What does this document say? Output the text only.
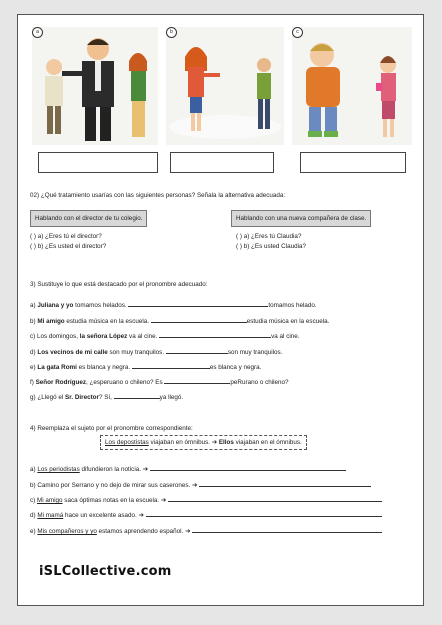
a	b	c
02) ¿Qué tratamiento usarías con las siguientes personas? Señala la alternativa adecuada:
Hablando con el director de tu colegio.	Hablando con una nueva compañera de clase.
( ) a) ¿Eres tú el director?
( ) b) ¿Es usted el director?
( ) a) ¿Eres tú Claudia?
( ) b) ¿Es usted Claudia?
3) Sustituye lo que está destacado por el pronombre adecuado:
a) Juliana y yo tomamos helados.	tomamos helado.
b) Mi amigo estudia música en la escuela.	estudia música en la escuela.
c) Los domingos, la señora López va al cine.	va al cine.
d) Los vecinos de mi calle son muy tranquilos.	son muy tranquilos.
e) La gata Romi es blanca y negra.	es blanca y negra.
f) Señor Rodríguez, ¿esperuano o chileno? Es	peRurano o chileno?
g) ¿Llegó el Sr. Director? Sí,	ya llegó.
4) Reemplaza el sujeto por el pronombre correspondiente:
Los depostistas viajaban en ómnibus. ➔ Ellos viajaban en el ómnibus.
a) Los periodistas difundieron la noticia. ➔
b) Camino por Serrano y no dejo de mirar sus caserones. ➔
c) Mi amigo saca óptimas notas en la escuela. ➔
d) Mi mamá hace un excelente asado. ➔
e) Mis compañeros y yo estamos aprendendo español. ➔
iSLCollective.com
